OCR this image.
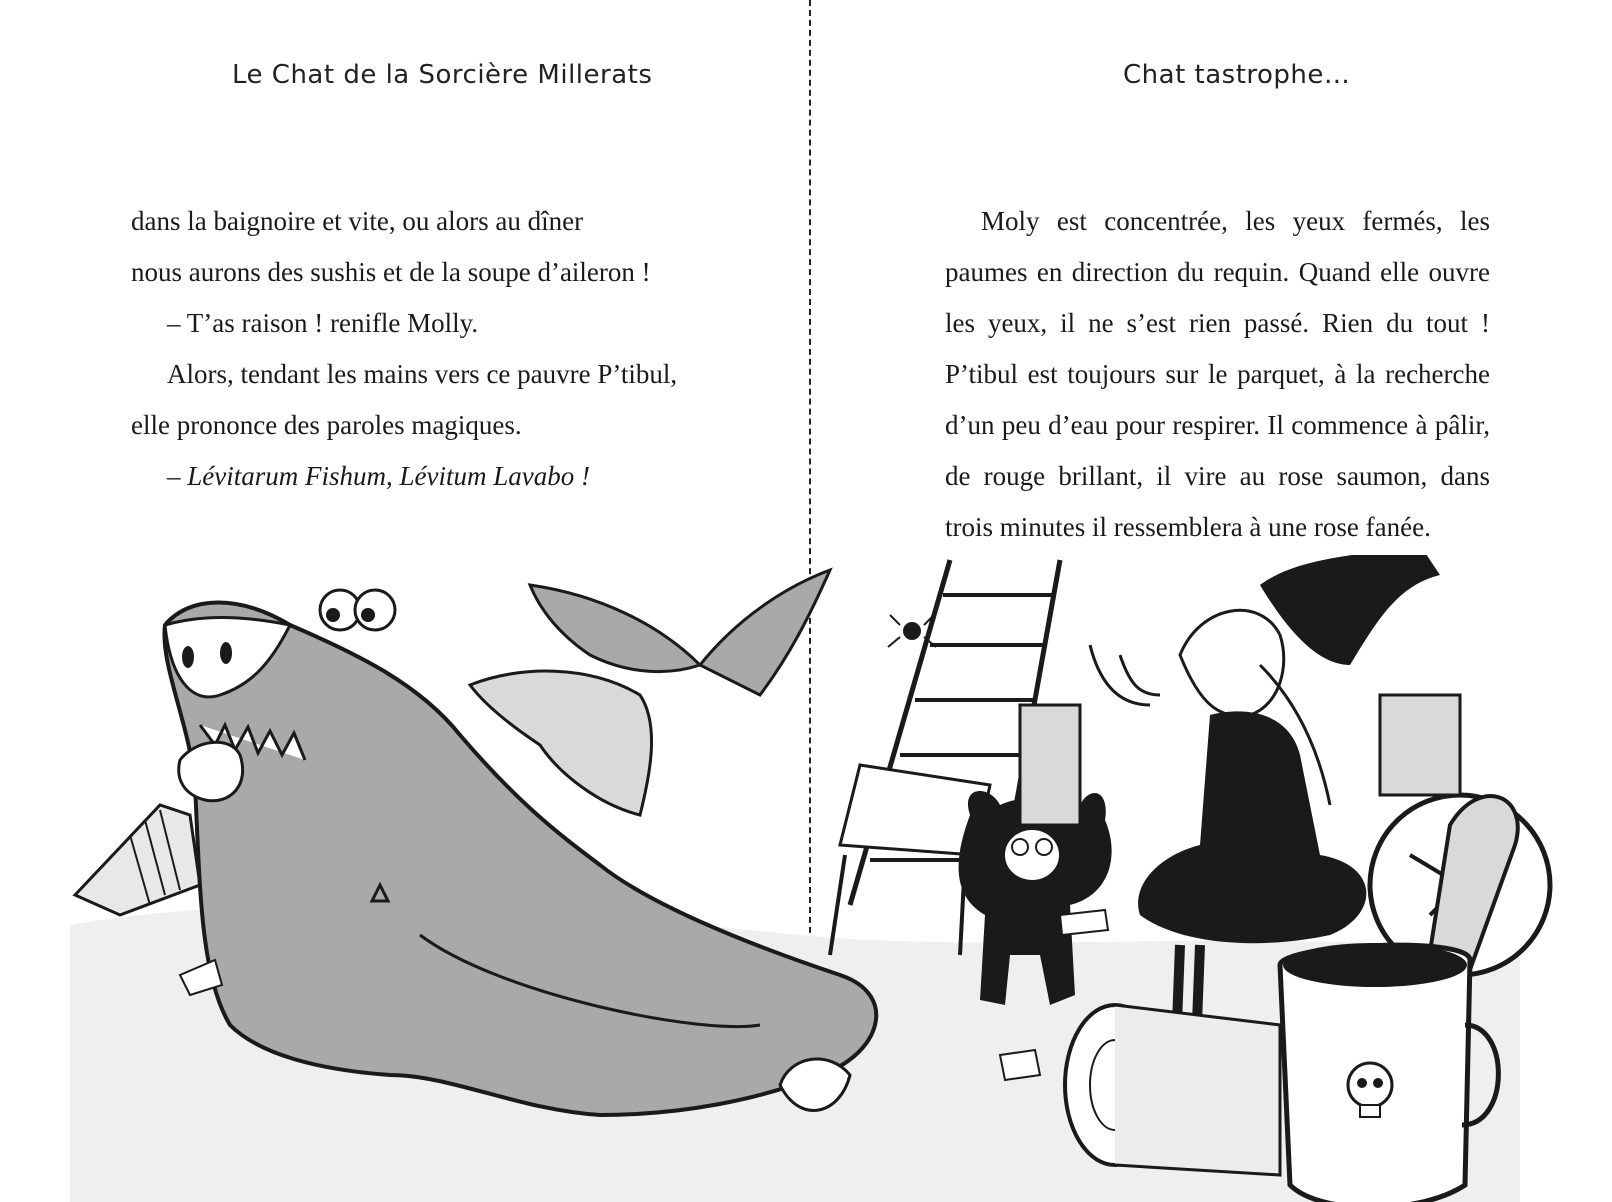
Le Chat de la Sorcière Millerats

dans la baignoire et vite, ou alors au dîner

nous aurons des sushis et de la soupe d’aileron !

– T’as raison ! renifle Molly.

Alors, tendant les mains vers ce pauvre P’tibul,

elle prononce des paroles magiques.

– Lévitarum Fishum, Lévitum Lavabo !

Chat tastrophe…

Moly est concentrée, les yeux fermés, les paumes en direction du requin. Quand elle ouvre les yeux, il ne s’est rien passé. Rien du tout ! P’tibul est toujours sur le parquet, à la recherche d’un peu d’eau pour respirer. Il commence à pâlir, de rouge brillant, il vire au rose saumon, dans trois minutes il ressemblera à une rose fanée.
